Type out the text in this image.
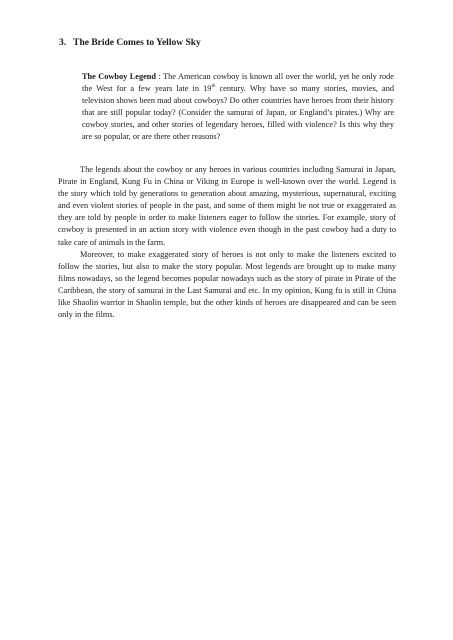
3. The Bride Comes to Yellow Sky
The Cowboy Legend : The American cowboy is known all over the world, yet he only rode the West for a few years late in 19th century. Why have so many stories, movies, and television shows been mad about cowboys? Do other countries have heroes from their history that are still popular today? (Consider the samurai of Japan, or England’s pirates.) Why are cowboy stories, and other stories of legendary heroes, filled with violence? Is this why they are so popular, or are there other reasons?
The legends about the cowboy or any heroes in various countries including Samurai in Japan, Pirate in England, Kung Fu in China or Viking in Europe is well-known over the world. Legend is the story which told by generations to generation about amazing, mysterious, supernatural, exciting and even violent stories of people in the past, and some of them might be not true or exaggerated as they are told by people in order to make listeners eager to follow the stories. For example, story of cowboy is presented in an action story with violence even though in the past cowboy had a duty to take care of animals in the farm.
Moreover, to make exaggerated story of heroes is not only to make the listeners excited to follow the stories, but also to make the story popular. Most legends are brought up to make many films nowadays, so the legend becomes popular nowadays such as the story of pirate in Pirate of the Caribbean, the story of samurai in the Last Samurai and etc. In my opinion, Kung fu is still in China like Shaolin warrior in Shaolin temple, but the other kinds of heroes are disappeared and can be seen only in the films.
